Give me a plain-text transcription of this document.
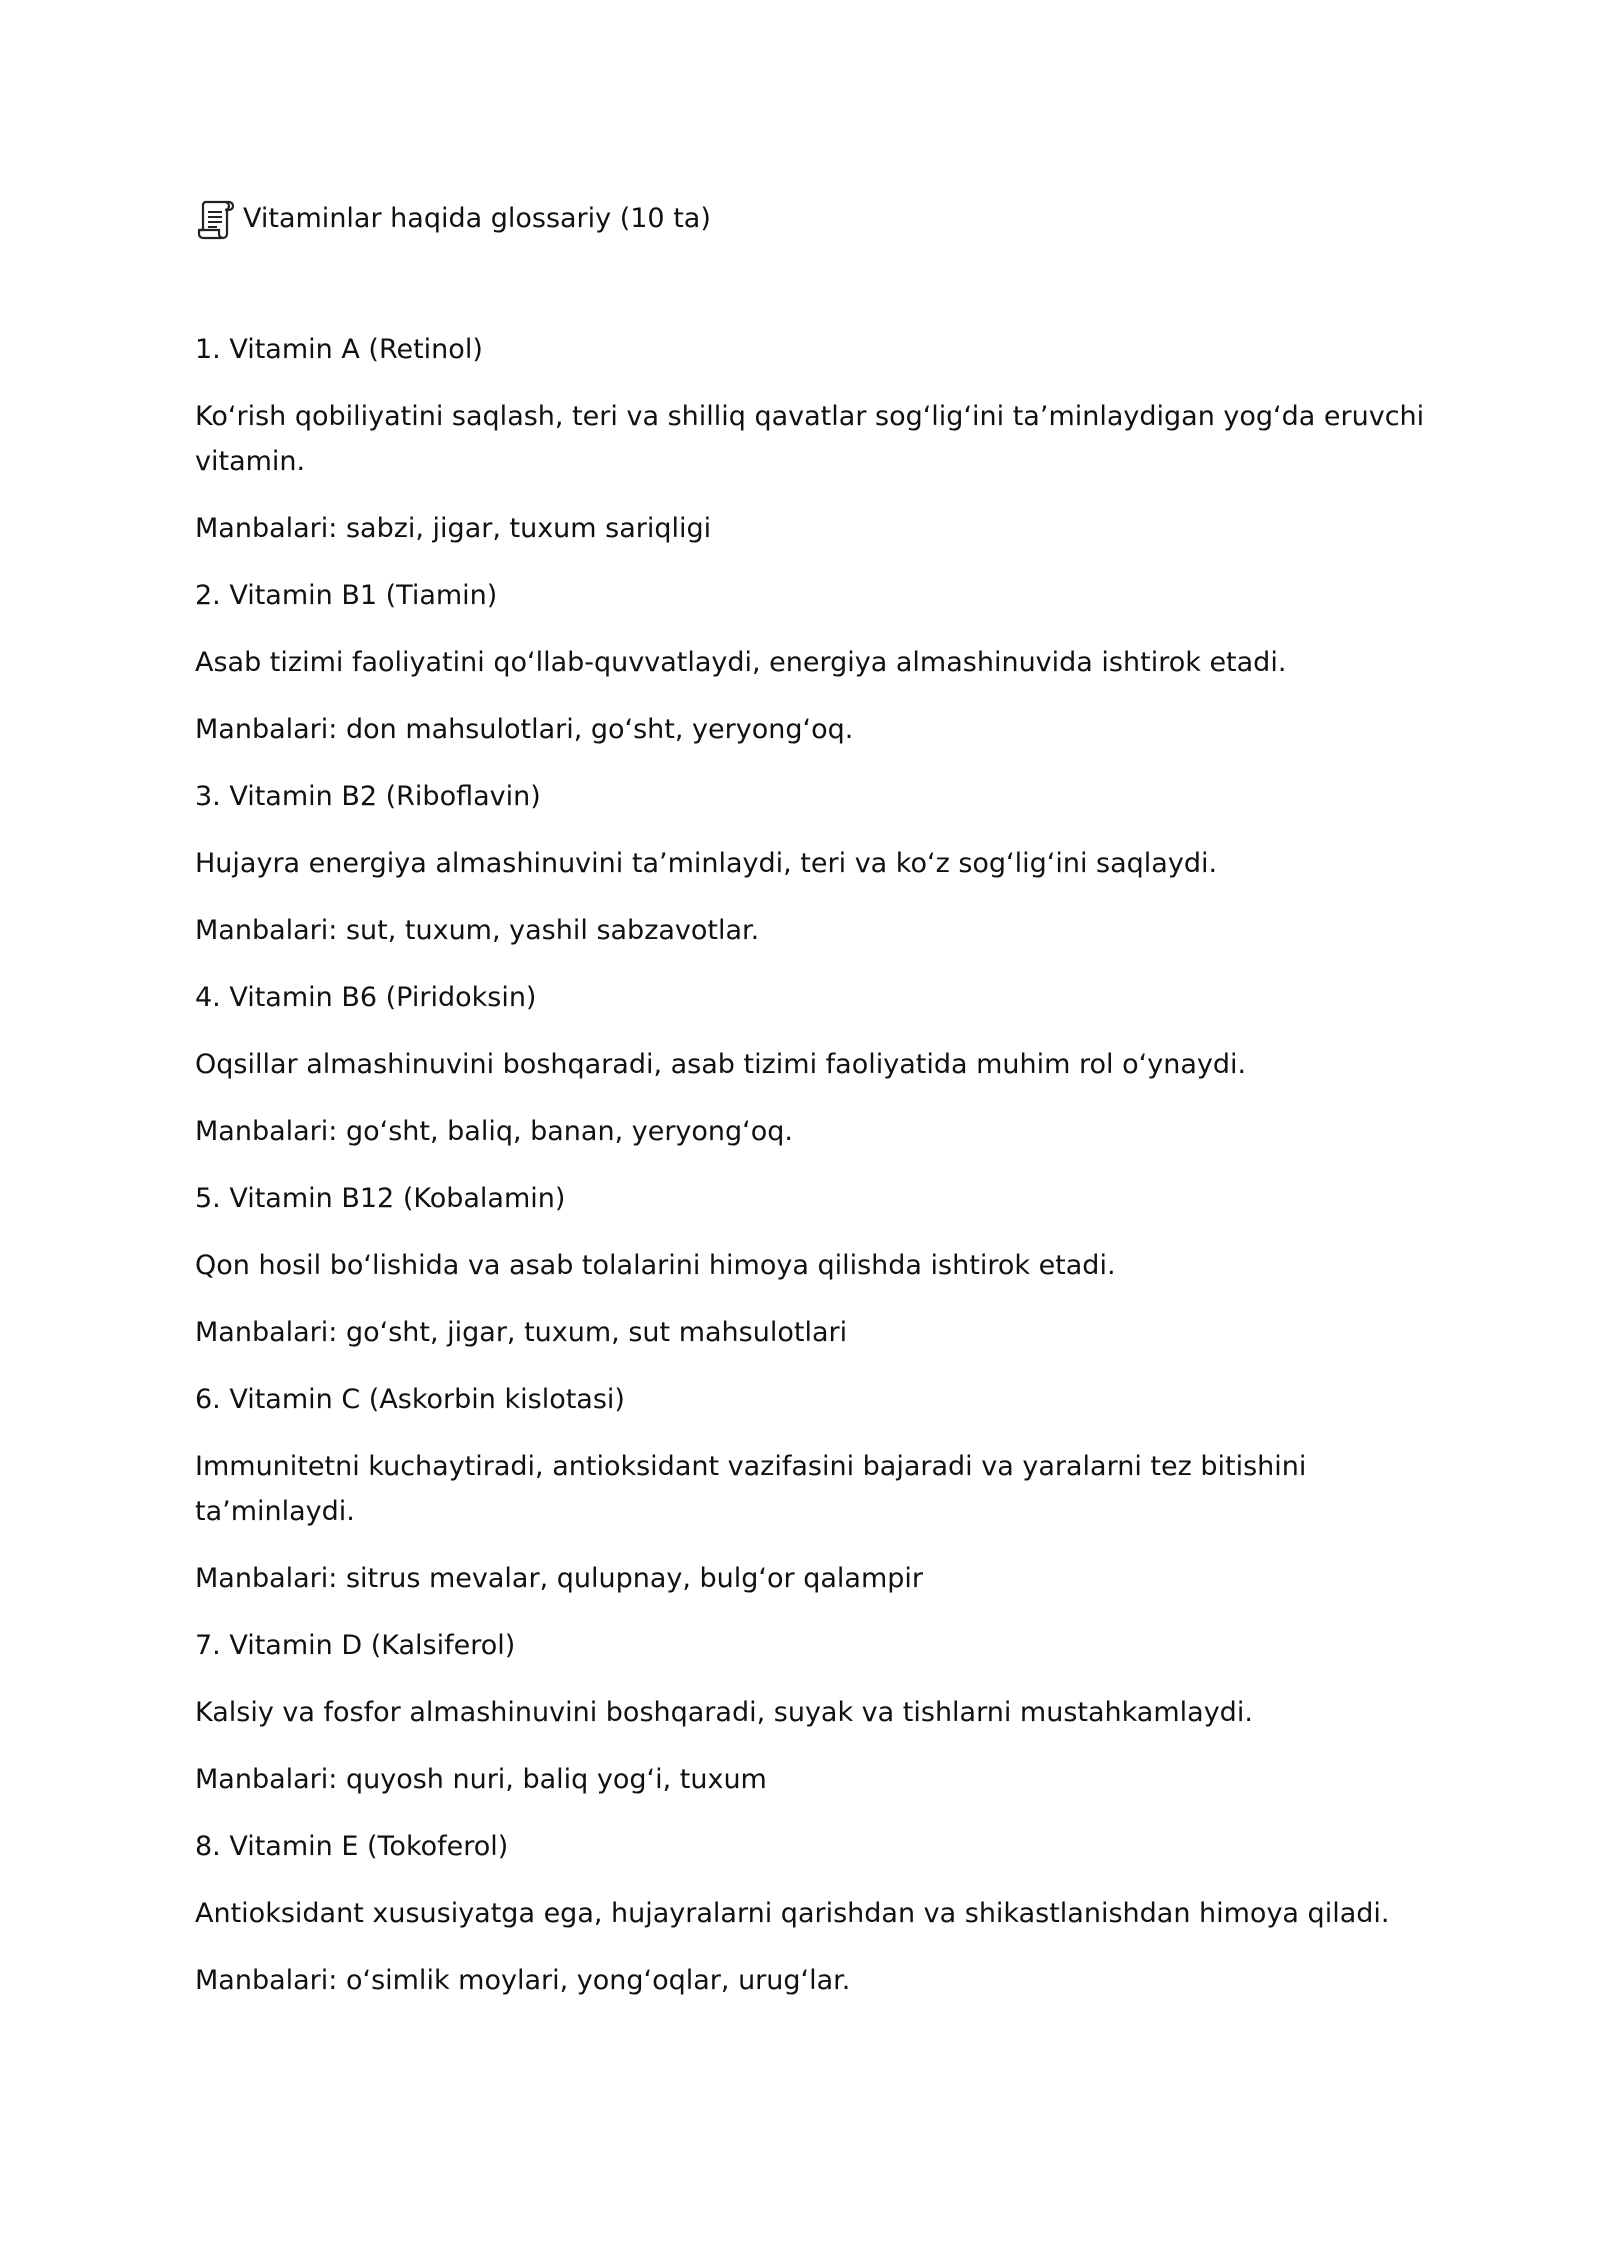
Vitaminlar haqida glossariy (10 ta)

1. Vitamin A (Retinol)

Ko‘rish qobiliyatini saqlash, teri va shilliq qavatlar sog‘lig‘ini ta’minlaydigan yog‘da eruvchi vitamin.

Manbalari: sabzi, jigar, tuxum sariqligi

2. Vitamin B1 (Tiamin)

Asab tizimi faoliyatini qo‘llab-quvvatlaydi, energiya almashinuvida ishtirok etadi.

Manbalari: don mahsulotlari, go‘sht, yeryong‘oq.

3. Vitamin B2 (Riboflavin)

Hujayra energiya almashinuvini ta’minlaydi, teri va ko‘z sog‘lig‘ini saqlaydi.

Manbalari: sut, tuxum, yashil sabzavotlar.

4. Vitamin B6 (Piridoksin)

Oqsillar almashinuvini boshqaradi, asab tizimi faoliyatida muhim rol o‘ynaydi.

Manbalari: go‘sht, baliq, banan, yeryong‘oq.

5. Vitamin B12 (Kobalamin)

Qon hosil bo‘lishida va asab tolalarini himoya qilishda ishtirok etadi.

Manbalari: go‘sht, jigar, tuxum, sut mahsulotlari

6. Vitamin C (Askorbin kislotasi)

Immunitetni kuchaytiradi, antioksidant vazifasini bajaradi va yaralarni tez bitishini ta’minlaydi.

Manbalari: sitrus mevalar, qulupnay, bulg‘or qalampir

7. Vitamin D (Kalsiferol)

Kalsiy va fosfor almashinuvini boshqaradi, suyak va tishlarni mustahkamlaydi.

Manbalari: quyosh nuri, baliq yog‘i, tuxum

8. Vitamin E (Tokoferol)

Antioksidant xususiyatga ega, hujayralarni qarishdan va shikastlanishdan himoya qiladi.

Manbalari: o‘simlik moylari, yong‘oqlar, urug‘lar.
